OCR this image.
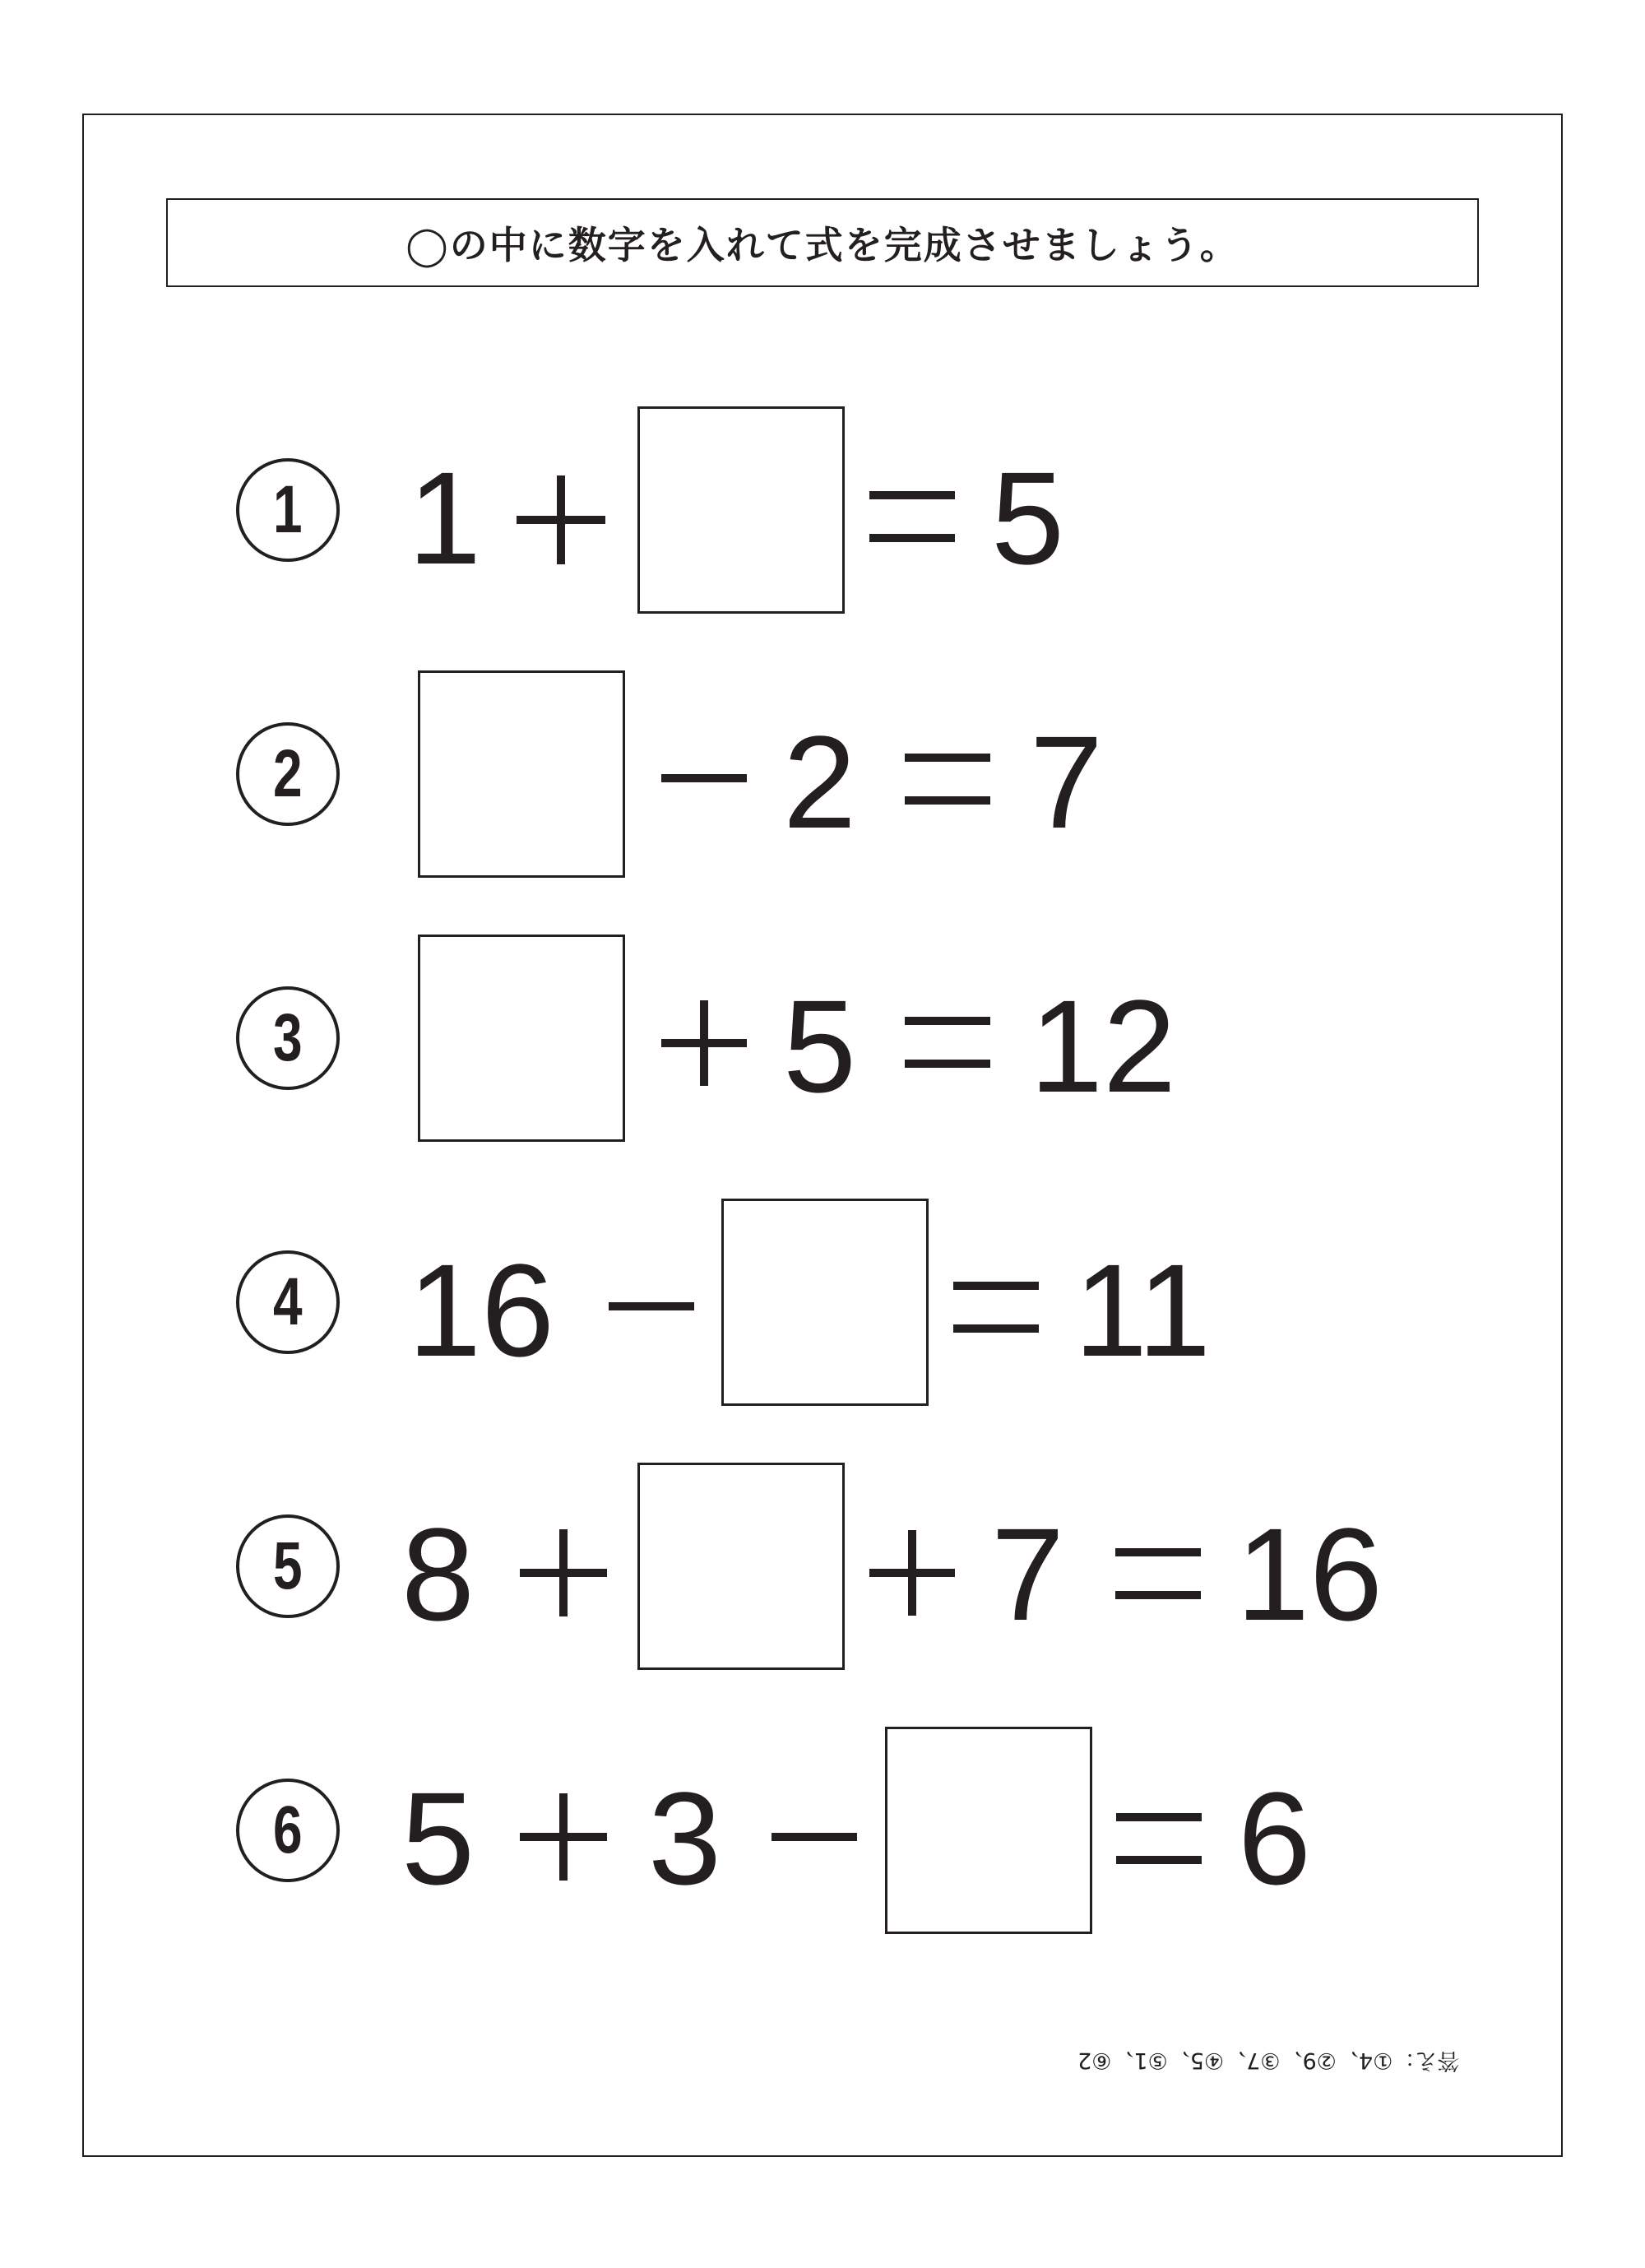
◯の中に数字を入れて式を完成させましょう。
1 1	5
2	2 7
3	5 12
4 16	11
5 8	7 16
6 5 3	6
答え：①4、②9、③7、④5、⑤1、⑥2
